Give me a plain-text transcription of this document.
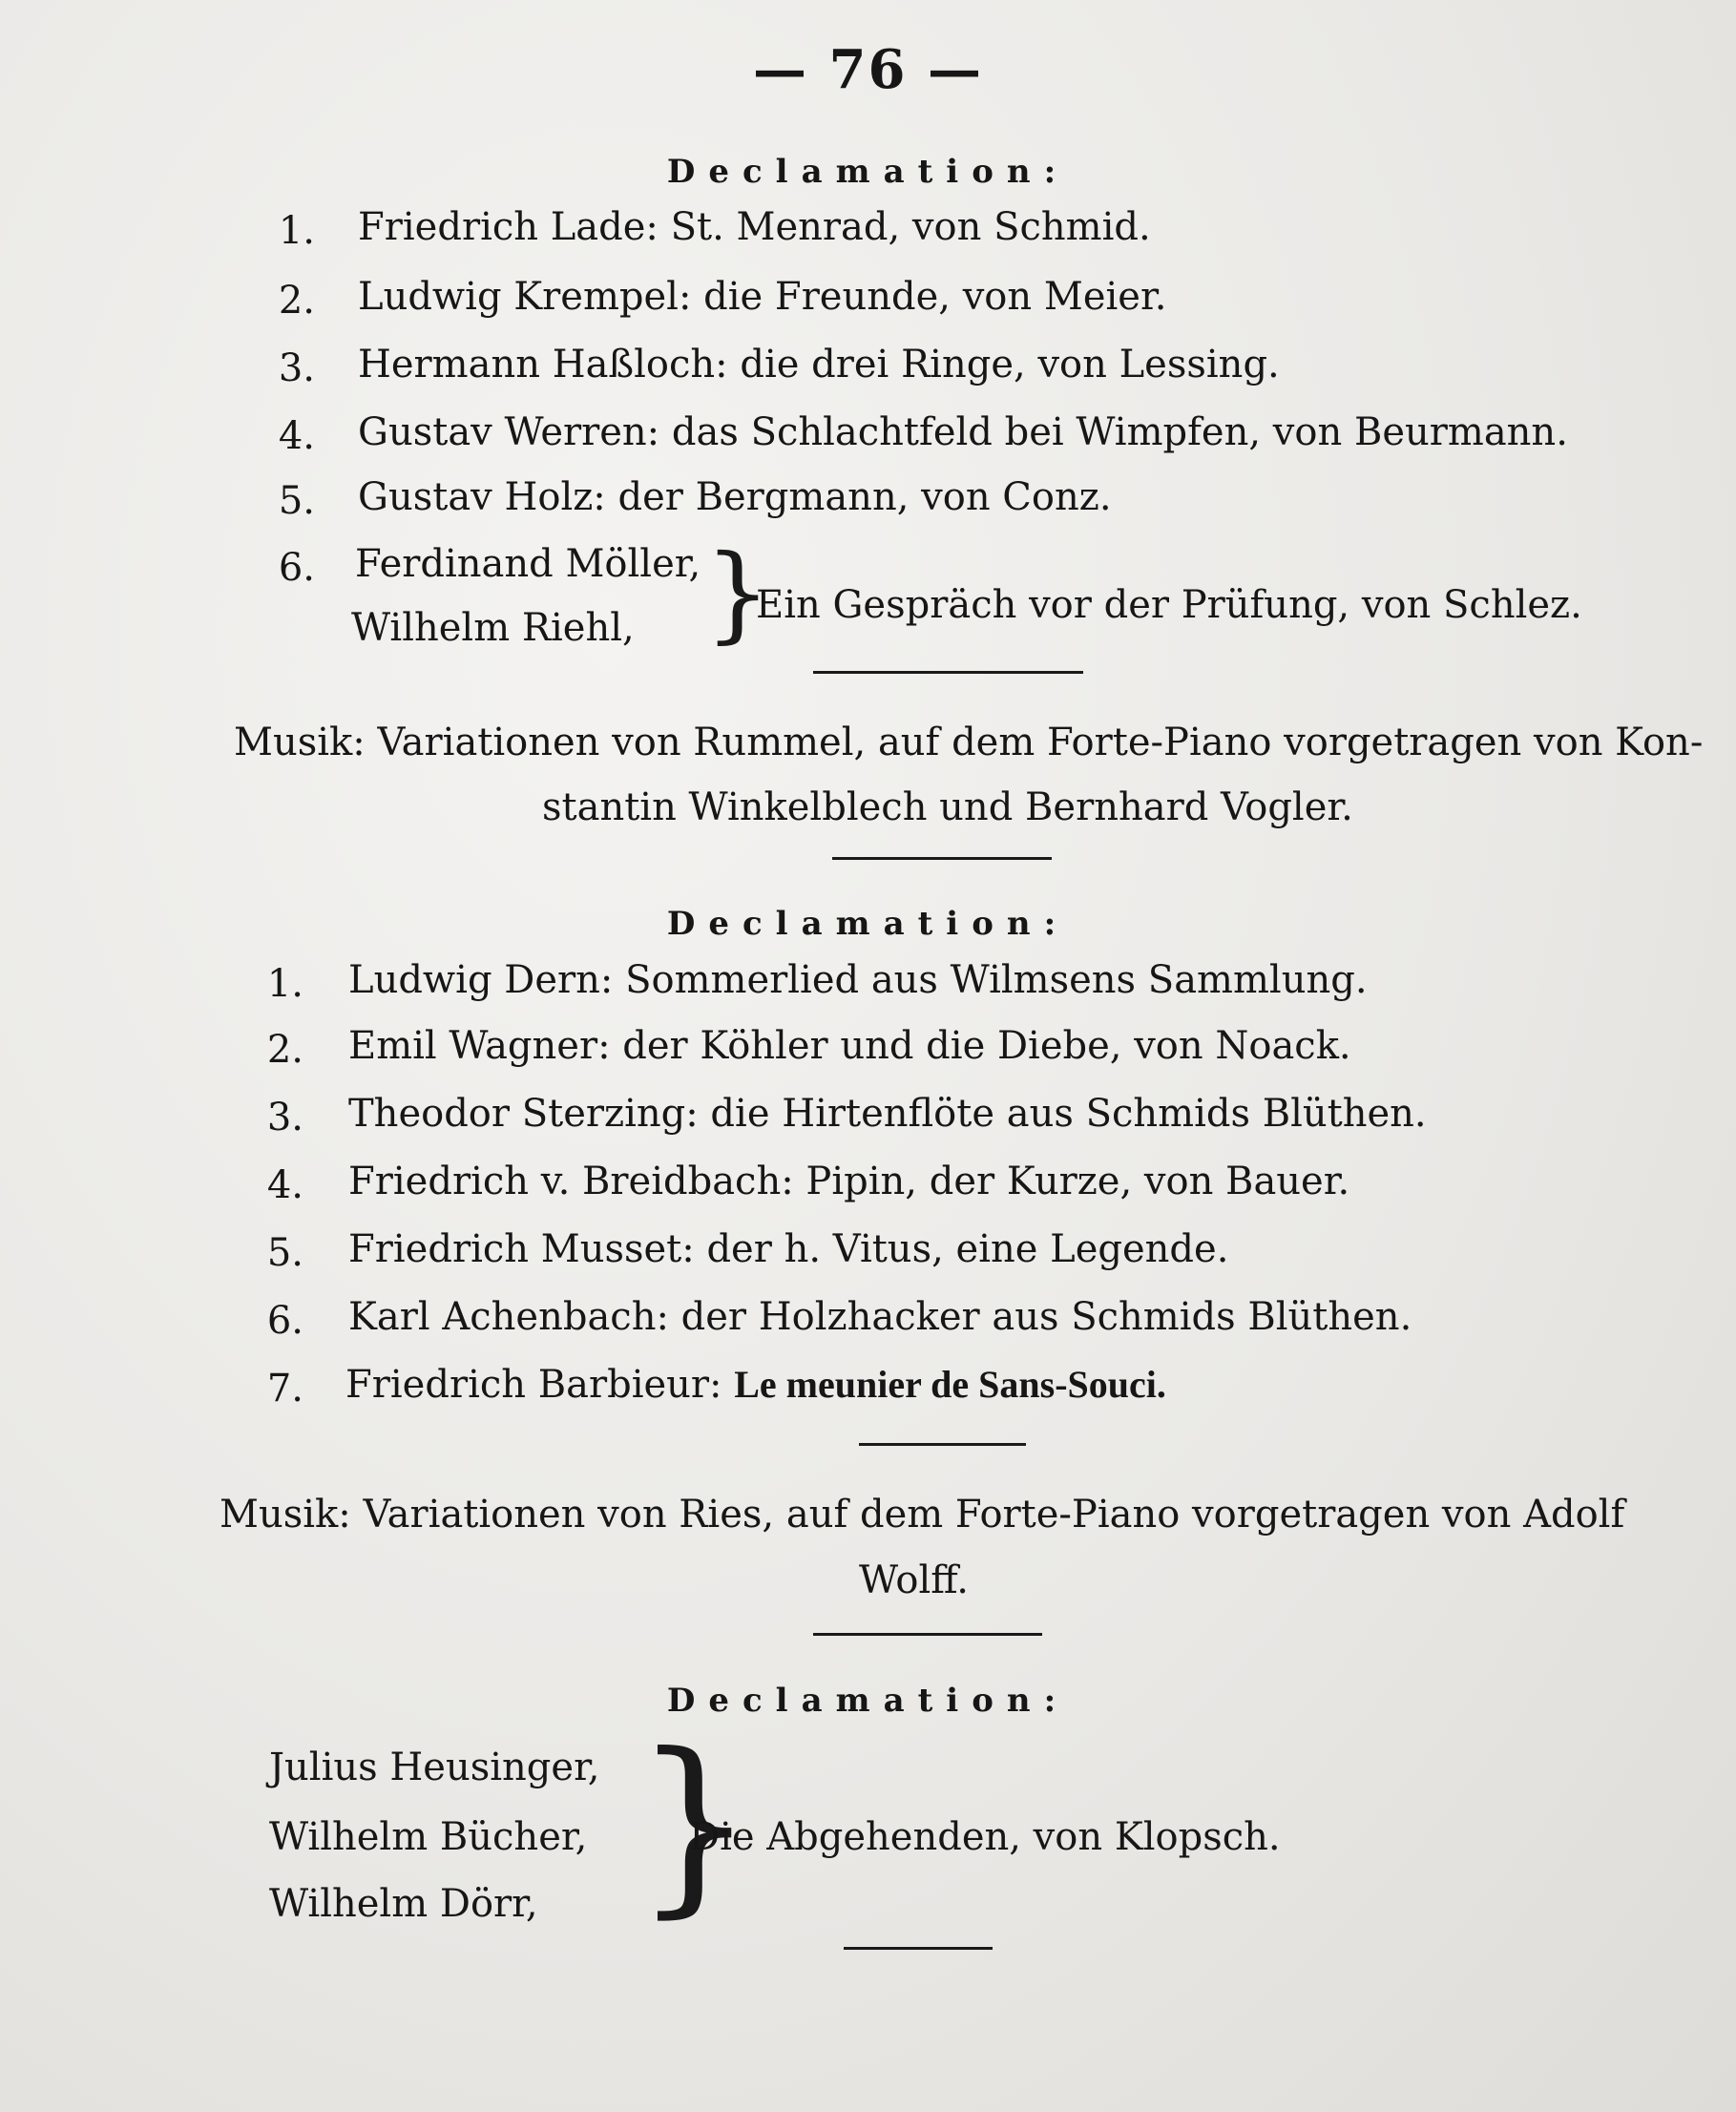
— 76 —
Declamation:
1. Friedrich Lade: St. Menrad, von Schmid.
2. Ludwig Krempel: die Freunde, von Meier.
3. Hermann Haßloch: die drei Ringe, von Lessing.
4. Gustav Werren: das Schlachtfeld bei Wimpfen, von Beurmann.
5. Gustav Holz: der Bergmann, von Conz.
6. Ferdinand Möller,
Wilhelm Riehl, }
Ein Gespräch vor der Prüfung, von Schlez.
Musik: Variationen von Rummel, auf dem Forte-Piano vorgetragen von Kon-
stantin Winkelblech und Bernhard Vogler.
Declamation:
1. Ludwig Dern: Sommerlied aus Wilmsens Sammlung.
2. Emil Wagner: der Köhler und die Diebe, von Noack.
3. Theodor Sterzing: die Hirtenflöte aus Schmids Blüthen.
4. Friedrich v. Breidbach: Pipin, der Kurze, von Bauer.
5. Friedrich Musset: der h. Vitus, eine Legende.
6. Karl Achenbach: der Holzhacker aus Schmids Blüthen.
7. Friedrich Barbieur: Le meunier de Sans-Souci.
Musik: Variationen von Ries, auf dem Forte-Piano vorgetragen von Adolf
Wolff.
Declamation:
Julius Heusinger,
Wilhelm Bücher,
Wilhelm Dörr, }
Die Abgehenden, von Klopsch.
